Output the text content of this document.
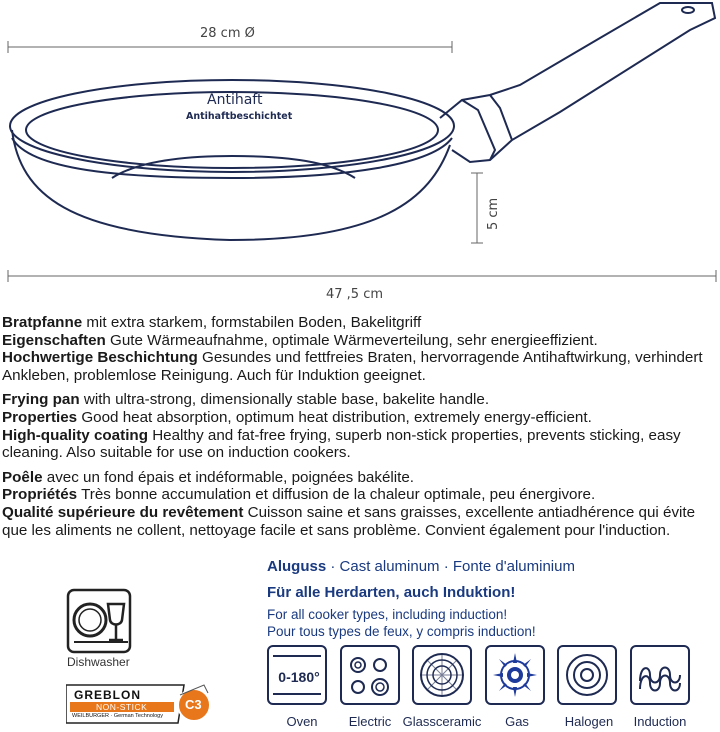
28 cm Ø
5 cm
47 ,5 cm
Antihaft
Antihaftbeschichtet

Bratpfanne mit extra starkem, formstabilen Boden, Bakelitgriff

Eigenschaften Gute Wärmeaufnahme, optimale Wärmeverteilung, sehr energieeffizient.

Hochwertige Beschichtung Gesundes und fettfreies Braten, hervorragende Antihaftwirkung, verhindert Ankleben, problemlose Reinigung. Auch für Induktion geeignet.

Frying pan with ultra-strong, dimensionally stable base, bakelite handle.

Properties Good heat absorption, optimum heat distribution, extremely energy-efficient.

High-quality coating Healthy and fat-free frying, superb non-stick properties, prevents sticking, easy cleaning. Also suitable for use on induction cookers.

Poêle avec un fond épais et indéformable, poignées bakélite.

Propriétés Très bonne accumulation et diffusion de la chaleur optimale, peu énergivore.

Qualité supérieure du revêtement Cuisson saine et sans graisses, excellente antiadhérence qui évite que les aliments ne collent, nettoyage facile et sans problème. Convient également pour l'induction.

Dishwasher
GREBLON
NON-STICK
WEILBURGER · German Technology
C3
Aluguss · Cast aluminum · Fonte d'aluminium
Für alle Herdarten, auch Induktion!
For all cooker types, including induction!
Pour tous types de feux, y compris induction!
0-180°
Oven	Electric Glassceramic	Gas	Halogen	Induction
